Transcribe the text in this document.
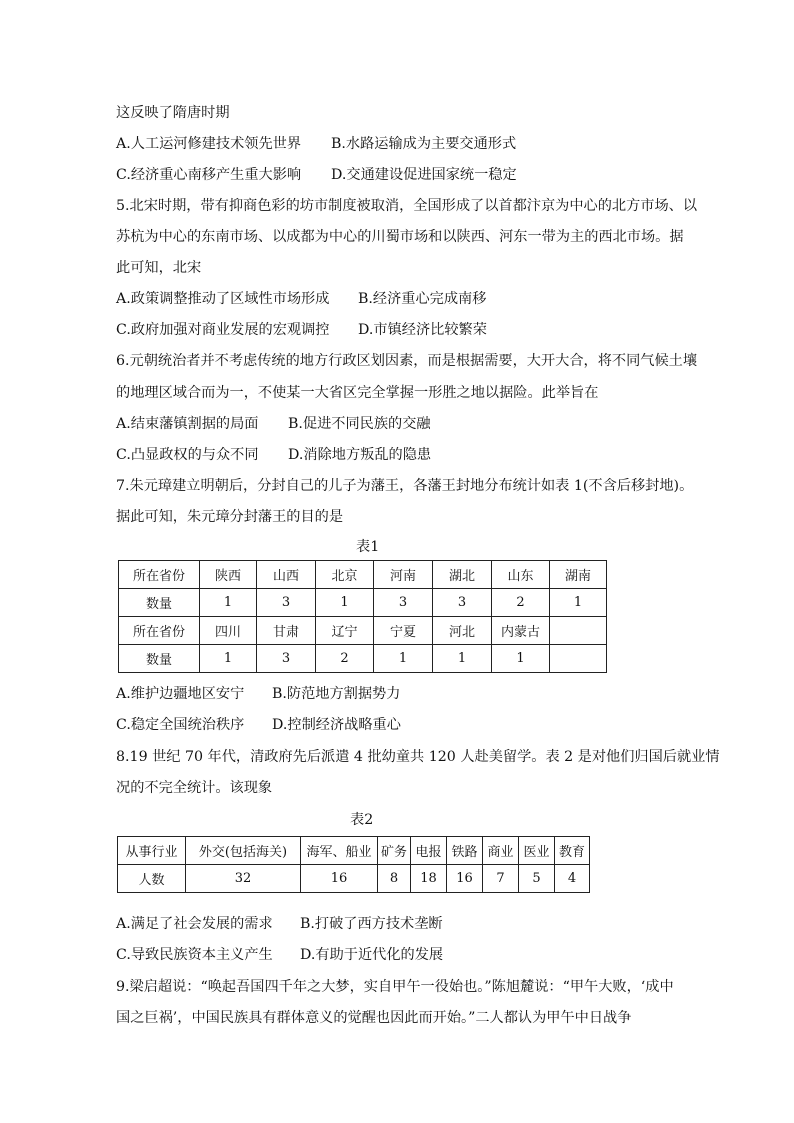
这反映了隋唐时期
A.人工运河修建技术领先世界 B.水路运输成为主要交通形式
C.经济重心南移产生重大影响 D.交通建设促进国家统一稳定
5.北宋时期，带有抑商色彩的坊市制度被取消，全国形成了以首都汴京为中心的北方市场、以
苏杭为中心的东南市场、以成都为中心的川蜀市场和以陕西、河东一带为主的西北市场。据
此可知，北宋
A.政策调整推动了区域性市场形成 B.经济重心完成南移
C.政府加强对商业发展的宏观调控 D.市镇经济比较繁荣
6.元朝统治者并不考虑传统的地方行政区划因素，而是根据需要，大开大合，将不同气候土壤
的地理区域合而为一，不使某一大省区完全掌握一形胜之地以据险。此举旨在
A.结束藩镇割据的局面 B.促进不同民族的交融
C.凸显政权的与众不同 D.消除地方叛乱的隐患
7.朱元璋建立明朝后，分封自己的儿子为藩王，各藩王封地分布统计如表 1(不含后移封地)。
据此可知，朱元璋分封藩王的目的是
表1
所在省份	陕西	山西	北京	河南	湖北	山东	湖南
数量	1	3	1	3	3	2	1
所在省份	四川	甘肃	辽宁	宁夏	河北	内蒙古	
数量	1	3	2	1	1	1	
A.维护边疆地区安宁 B.防范地方割据势力
C.稳定全国统治秩序 D.控制经济战略重心
8.19 世纪 70 年代，清政府先后派遣 4 批幼童共 120 人赴美留学。表 2 是对他们归国后就业情
况的不完全统计。该现象
表2
从事行业	外交(包括海关)	海军、船业	矿务	电报	铁路	商业	医业	教育
人数	32	16	8	18	16	7	5	4
A.满足了社会发展的需求 B.打破了西方技术垄断
C.导致民族资本主义产生 D.有助于近代化的发展
9.梁启超说：“唤起吾国四千年之大梦，实自甲午一役始也。”陈旭麓说：“甲午大败，‘成中
国之巨祸’，中国民族具有群体意义的觉醒也因此而开始。”二人都认为甲午中日战争
